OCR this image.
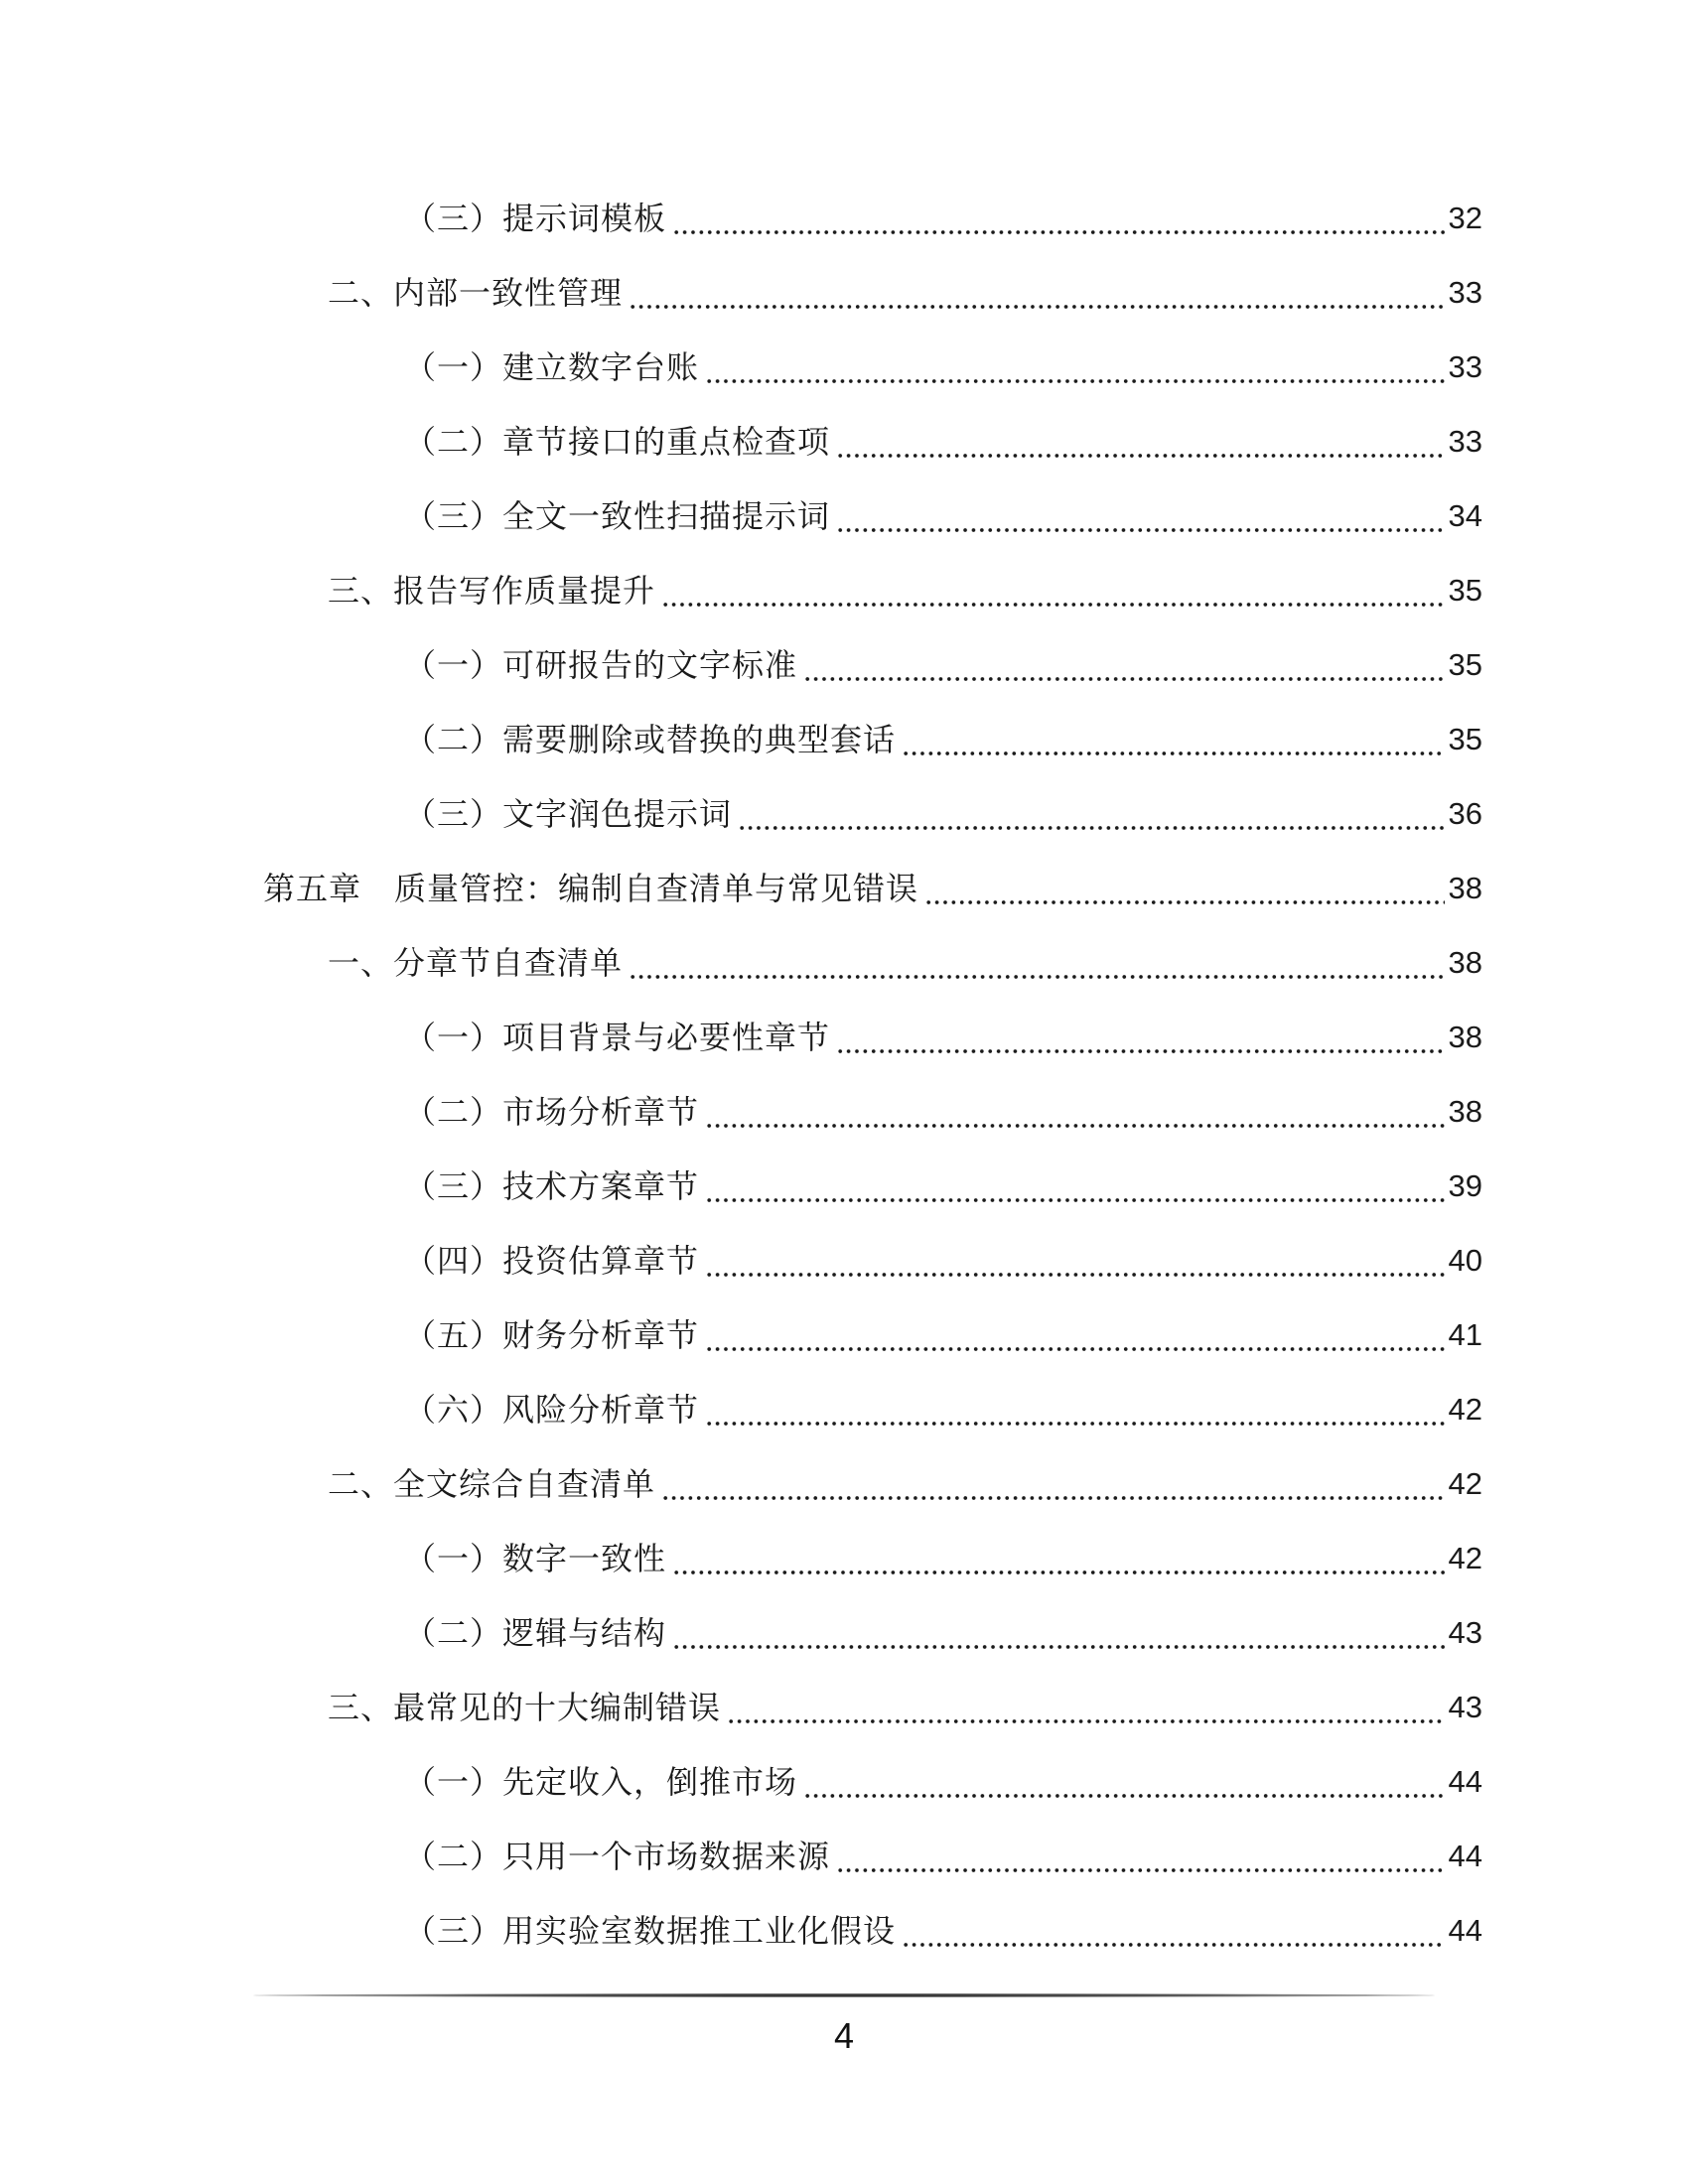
（三）提示词模板	32
二、内部一致性管理	33
（一）建立数字台账	33
（二）章节接口的重点检查项	33
（三）全文一致性扫描提示词	34
三、报告写作质量提升	35
（一）可研报告的文字标准	35
（二）需要删除或替换的典型套话	35
（三）文字润色提示词	36
第五章　质量管控：编制自查清单与常见错误	38
一、分章节自查清单	38
（一）项目背景与必要性章节	38
（二）市场分析章节	38
（三）技术方案章节	39
（四）投资估算章节	40
（五）财务分析章节	41
（六）风险分析章节	42
二、全文综合自查清单	42
（一）数字一致性	42
（二）逻辑与结构	43
三、最常见的十大编制错误	43
（一）先定收入，倒推市场	44
（二）只用一个市场数据来源	44
（三）用实验室数据推工业化假设	44
4
